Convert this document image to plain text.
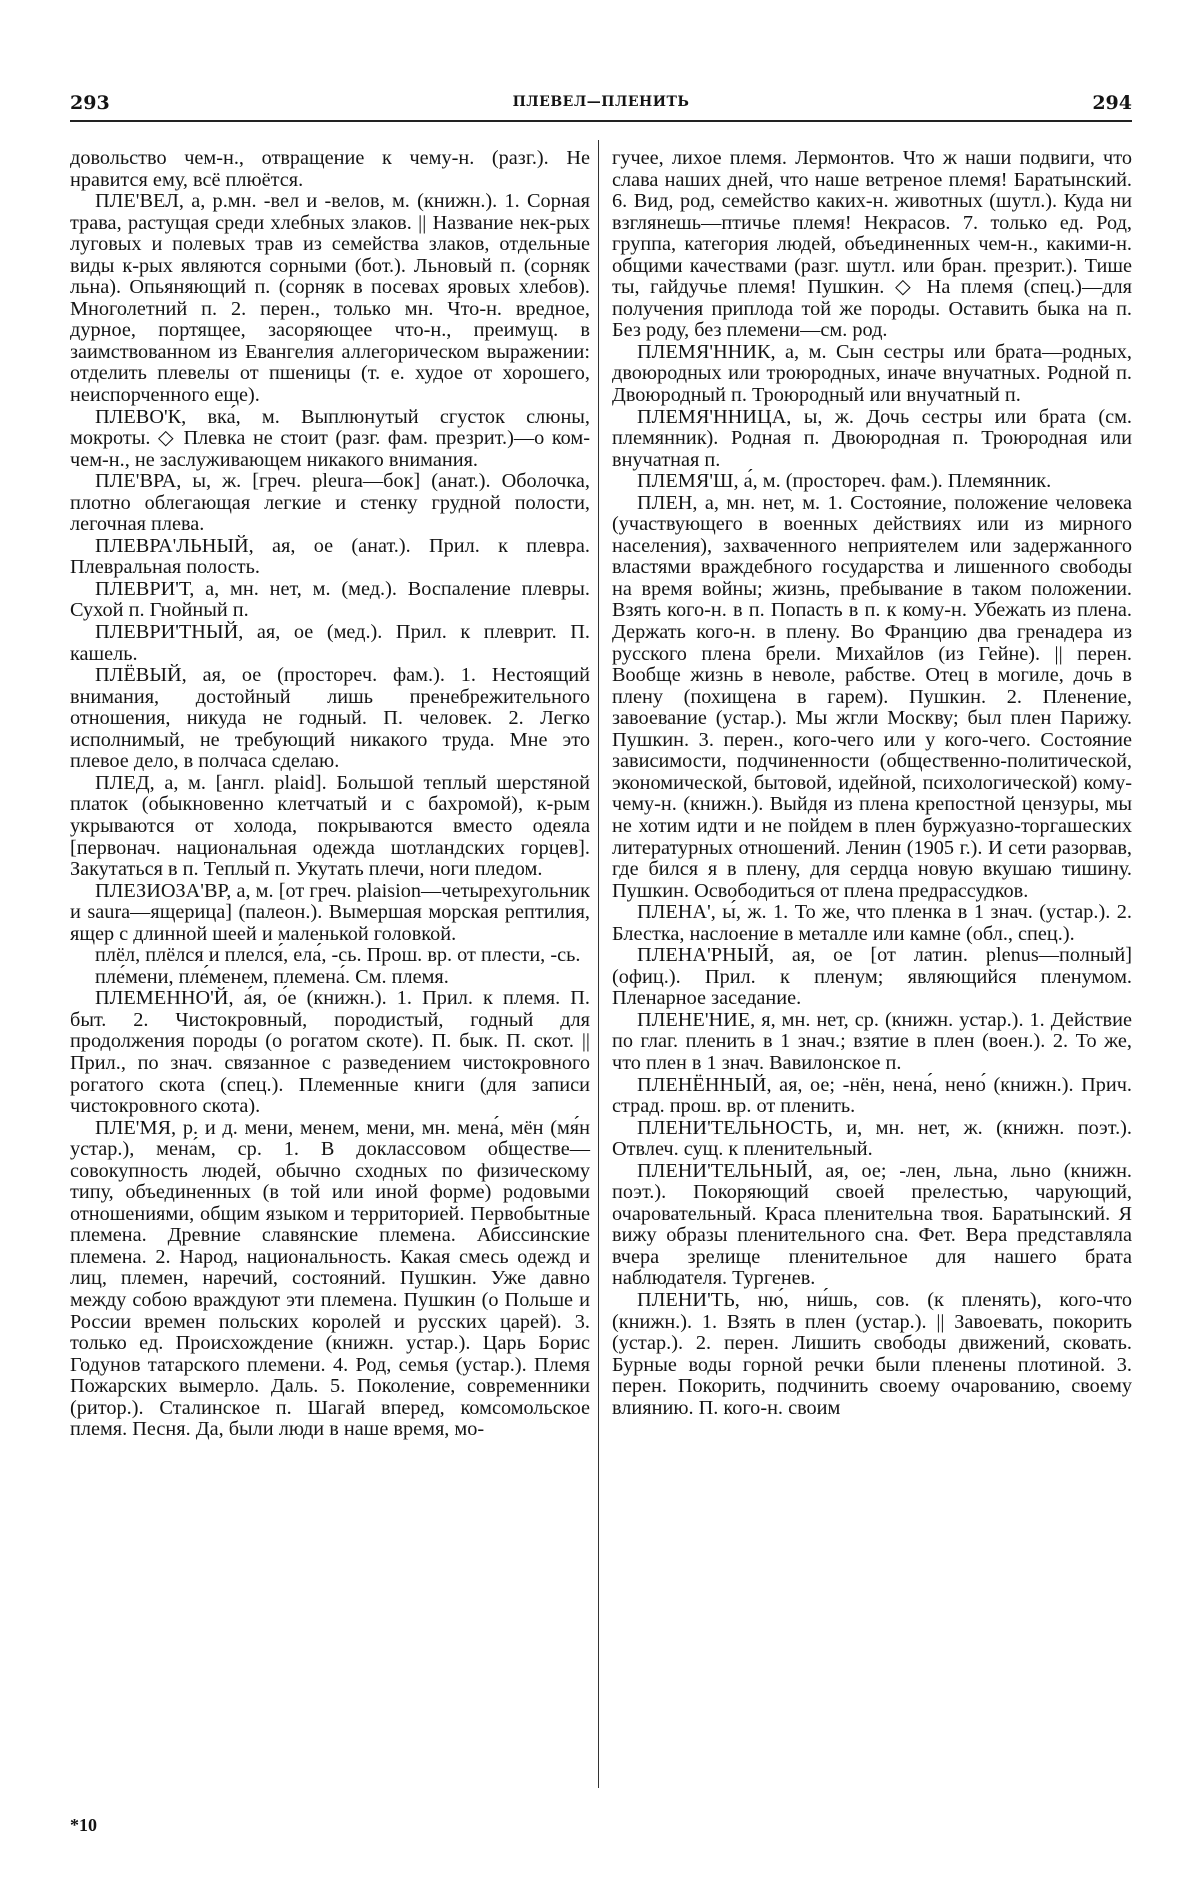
293	ПЛЕВЕЛ—ПЛЕНИТЬ	294

довольство чем-н., отвращение к чему-н. (разг.). Не нравится ему, всё плюётся.

ПЛЕ'ВЕЛ, а, р.мн. -вел и -велов, м. (книжн.). 1. Сорная трава, растущая среди хлебных злаков. || Название нек-рых луговых и полевых трав из семейства злаков, отдельные виды к-рых являются сорными (бот.). Льновый п. (сорняк льна). Опьяняющий п. (сорняк в посевах яровых хлебов). Многолетний п. 2. перен., только мн. Что-н. вредное, дурное, портящее, засоряющее что-н., преимущ. в заимствованном из Евангелия аллегорическом выражении: отделить плевелы от пшеницы (т. е. худое от хорошего, неиспорченного еще).

ПЛЕВО'К, вка́, м. Выплюнутый сгусток слюны, мокроты. ◇ Плевка не стоит (разг. фам. презрит.)—о ком-чем-н., не заслуживающем никакого внимания.

ПЛЕ'ВРА, ы, ж. [греч. pleura—бок] (анат.). Оболочка, плотно облегающая легкие и стенку грудной полости, легочная плева.

ПЛЕВРА'ЛЬНЫЙ, ая, ое (анат.). Прил. к плевра. Плевральная полость.

ПЛЕВРИ'Т, а, мн. нет, м. (мед.). Воспаление плевры. Сухой п. Гнойный п.

ПЛЕВРИ'ТНЫЙ, ая, ое (мед.). Прил. к плеврит. П. кашель.

ПЛЁВЫЙ, ая, ое (простореч. фам.). 1. Нестоящий внимания, достойный лишь пренебрежительного отношения, никуда не годный. П. человек. 2. Легко исполнимый, не требующий никакого труда. Мне это плевое дело, в полчаса сделаю.

ПЛЕД, а, м. [англ. plaid]. Большой теплый шерстяной платок (обыкновенно клетчатый и с бахромой), к-рым укрываются от холода, покрываются вместо одеяла [первонач. национальная одежда шотландских горцев]. Закутаться в п. Теплый п. Укутать плечи, ноги пледом.

ПЛЕЗИОЗА'ВР, а, м. [от греч. plaision—четырехугольник и saura—ящерица] (палеон.). Вымершая морская рептилия, ящер с длинной шеей и маленькой головкой.

плёл, плёлся и плелся́, ела́, -сь. Прош. вр. от плести, -сь.

пле́мени, пле́менем, племена́. См. племя.

ПЛЕМЕННО'Й, а́я, о́е (книжн.). 1. Прил. к племя. П. быт. 2. Чистокровный, породистый, годный для продолжения породы (о рогатом скоте). П. бык. П. скот. || Прил., по знач. связанное с разведением чистокровного рогатого скота (спец.). Племенные книги (для записи чистокровного скота).

ПЛЕ'МЯ, р. и д. мени, менем, мени, мн. мена́, мён (мя́н устар.), мена́м, ср. 1. В доклассовом обществе—совокупность людей, обычно сходных по физическому типу, объединенных (в той или иной форме) родовыми отношениями, общим языком и территорией. Первобытные племена. Древние славянские племена. Абиссинские племена. 2. Народ, национальность. Какая смесь одежд и лиц, племен, наречий, состояний. Пушкин. Уже давно между собою враждуют эти племена. Пушкин (о Польше и России времен польских королей и русских царей). 3. только ед. Происхождение (книжн. устар.). Царь Борис Годунов татарского племени. 4. Род, семья (устар.). Племя Пожарских вымерло. Даль. 5. Поколение, современники (ритор.). Сталинское п. Шагай вперед, комсомольское племя. Песня. Да, были люди в наше время, мо-

гучее, лихое племя. Лермонтов. Что ж наши подвиги, что слава наших дней, что наше ветреное племя! Баратынский. 6. Вид, род, семейство каких-н. животных (шутл.). Куда ни взглянешь—птичье племя! Некрасов. 7. только ед. Род, группа, категория людей, объединенных чем-н., какими-н. общими качествами (разг. шутл. или бран. презрит.). Тише ты, гайдучье племя! Пушкин. ◇ На племя́ (спец.)—для получения приплода той же породы. Оставить быка на п. Без роду, без племени—см. род.

ПЛЕМЯ'ННИК, а, м. Сын сестры или брата—родных, двоюродных или троюродных, иначе внучатных. Родной п. Двоюродный п. Троюродный или внучатный п.

ПЛЕМЯ'ННИЦА, ы, ж. Дочь сестры или брата (см. племянник). Родная п. Двоюродная п. Троюродная или внучатная п.

ПЛЕМЯ'Ш, а́, м. (простореч. фам.). Племянник.

ПЛЕН, а, мн. нет, м. 1. Состояние, положение человека (участвующего в военных действиях или из мирного населения), захваченного неприятелем или задержанного властями враждебного государства и лишенного свободы на время войны; жизнь, пребывание в таком положении. Взять кого-н. в п. Попасть в п. к кому-н. Убежать из плена. Держать кого-н. в плену. Во Францию два гренадера из русского плена брели. Михайлов (из Гейне). || перен. Вообще жизнь в неволе, рабстве. Отец в могиле, дочь в плену (похищена в гарем). Пушкин. 2. Пленение, завоевание (устар.). Мы жгли Москву; был плен Парижу. Пушкин. 3. перен., кого-чего или у кого-чего. Состояние зависимости, подчиненности (общественно-политической, экономической, бытовой, идейной, психологической) кому-чему-н. (книжн.). Выйдя из плена крепостной цензуры, мы не хотим идти и не пойдем в плен буржуазно-торгашеских литературных отношений. Ленин (1905 г.). И сети разорвав, где бился я в плену, для сердца новую вкушаю тишину. Пушкин. Освободиться от плена предрассудков.

ПЛЕНА', ы́, ж. 1. То же, что пленка в 1 знач. (устар.). 2. Блестка, наслоение в металле или камне (обл., спец.).

ПЛЕНА'РНЫЙ, ая, ое [от латин. plenus—полный] (офиц.). Прил. к пленум; являющийся пленумом. Пленарное заседание.

ПЛЕНЕ'НИЕ, я, мн. нет, ср. (книжн. устар.). 1. Действие по глаг. пленить в 1 знач.; взятие в плен (воен.). 2. То же, что плен в 1 знач. Вавилонское п.

ПЛЕНЁННЫЙ, ая, ое; -нён, нена́, нено́ (книжн.). Прич. страд. прош. вр. от пленить.

ПЛЕНИ'ТЕЛЬНОСТЬ, и, мн. нет, ж. (книжн. поэт.). Отвлеч. сущ. к пленительный.

ПЛЕНИ'ТЕЛЬНЫЙ, ая, ое; -лен, льна, льно (книжн. поэт.). Покоряющий своей прелестью, чарующий, очаровательный. Краса пленительна твоя. Баратынский. Я вижу образы пленительного сна. Фет. Вера представляла вчера зрелище пленительное для нашего брата наблюдателя. Тургенев.

ПЛЕНИ'ТЬ, ню́, ни́шь, сов. (к пленять), кого-что (книжн.). 1. Взять в плен (устар.). || Завоевать, покорить (устар.). 2. перен. Лишить свободы движений, сковать. Бурные воды горной речки были пленены плотиной. 3. перен. Покорить, подчинить своему очарованию, своему влиянию. П. кого-н. своим

*10
